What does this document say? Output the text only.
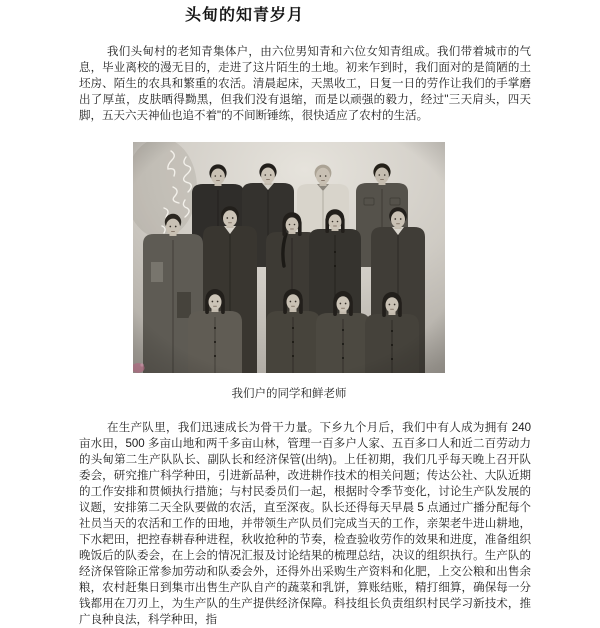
头甸的知青岁月

我们头甸村的老知青集体户，由六位男知青和六位女知青组成。我们带着城市的气息，毕业离校的漫无目的，走进了这片陌生的土地。初来乍到时，我们面对的是简陋的土坯房、陌生的农具和繁重的农活。清晨起床，天黑收工，日复一日的劳作让我们的手掌磨出了厚茧，皮肤晒得黝黑，但我们没有退缩，而是以顽强的毅力，经过"三天肩头，四天脚，五天六天神仙也追不着"的不间断锤练，很快适应了农村的生活。

我们户的同学和鲜老师

在生产队里，我们迅速成长为骨干力量。下乡九个月后，我们中有人成为拥有 240 亩水田，500 多亩山地和两千多亩山林，管理一百多户人家、五百多口人和近二百劳动力的头甸第二生产队队长、副队长和经济保管(出纳)。上任初期，我们几乎每天晚上召开队委会，研究推广科学种田，引进新品种，改进耕作技术的相关问题；传达公社、大队近期的工作安排和贯倾执行措施；与村民委员们一起，根据时令季节变化，讨论生产队发展的议题，安排第二天全队要做的农活，直至深夜。队长还得每天早晨 5 点通过广播分配每个社员当天的农活和工作的田地，并带领生产队员们完成当天的工作，亲架老牛进山耕地，下水耙田，把控春耕春种进程，秋收抢种的节奏，检查验收劳作的效果和进度，准备组织晚饭后的队委会，在上会的情况汇报及讨论结果的梳理总结，决议的组织执行。生产队的经济保管除正常参加劳动和队委会外，还得外出采购生产资料和化肥，上交公粮和出售余粮，农村赶集日到集市出售生产队自产的蔬菜和乳饼，算账结账，精打细算，确保每一分钱都用在刀刃上，为生产队的生产提供经济保障。科技组长负责组织村民学习新技术，推广良种良法，科学种田，指
